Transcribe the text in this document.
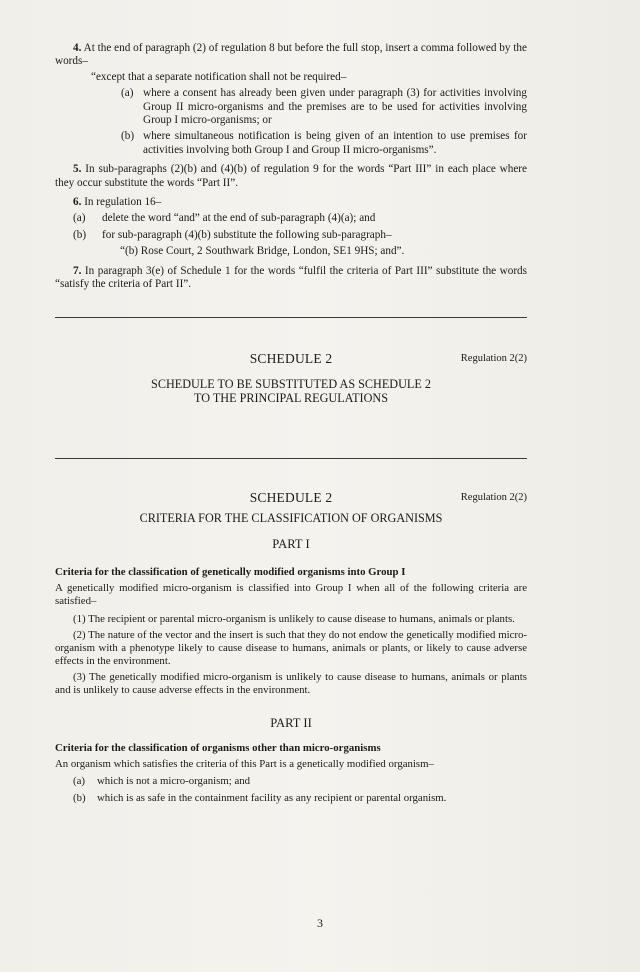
4. At the end of paragraph (2) of regulation 8 but before the full stop, insert a comma followed by the words–

“except that a separate notification shall not be required–

(a) where a consent has already been given under paragraph (3) for activities involving Group II micro-organisms and the premises are to be used for activities involving Group I micro-organisms; or
(b) where simultaneous notification is being given of an intention to use premises for activities involving both Group I and Group II micro-organisms”.

5. In sub-paragraphs (2)(b) and (4)(b) of regulation 9 for the words “Part III” in each place where they occur substitute the words “Part II”.

6. In regulation 16–

(a)	delete the word “and” at the end of sub-paragraph (4)(a); and
(b)	for sub-paragraph (4)(b) substitute the following sub-paragraph–

“(b) Rose Court, 2 Southwark Bridge, London, SE1 9HS; and”.

7. In paragraph 3(e) of Schedule 1 for the words “fulfil the criteria of Part III” substitute the words “satisfy the criteria of Part II”.

SCHEDULE 2	Regulation 2(2)
SCHEDULE TO BE SUBSTITUTED AS SCHEDULE 2
TO THE PRINCIPAL REGULATIONS
SCHEDULE 2	Regulation 2(2)
CRITERIA FOR THE CLASSIFICATION OF ORGANISMS
PART I

Criteria for the classification of genetically modified organisms into Group I

A genetically modified micro-organism is classified into Group I when all of the following criteria are satisfied–

(1) The recipient or parental micro-organism is unlikely to cause disease to humans, animals or plants.

(2) The nature of the vector and the insert is such that they do not endow the genetically modified micro-organism with a phenotype likely to cause disease to humans, animals or plants, or likely to cause adverse effects in the environment.

(3) The genetically modified micro-organism is unlikely to cause disease to humans, animals or plants and is unlikely to cause adverse effects in the environment.

PART II

Criteria for the classification of organisms other than micro-organisms

An organism which satisfies the criteria of this Part is a genetically modified organism–

(a)	which is not a micro-organism; and
(b)	which is as safe in the containment facility as any recipient or parental organism.
3
